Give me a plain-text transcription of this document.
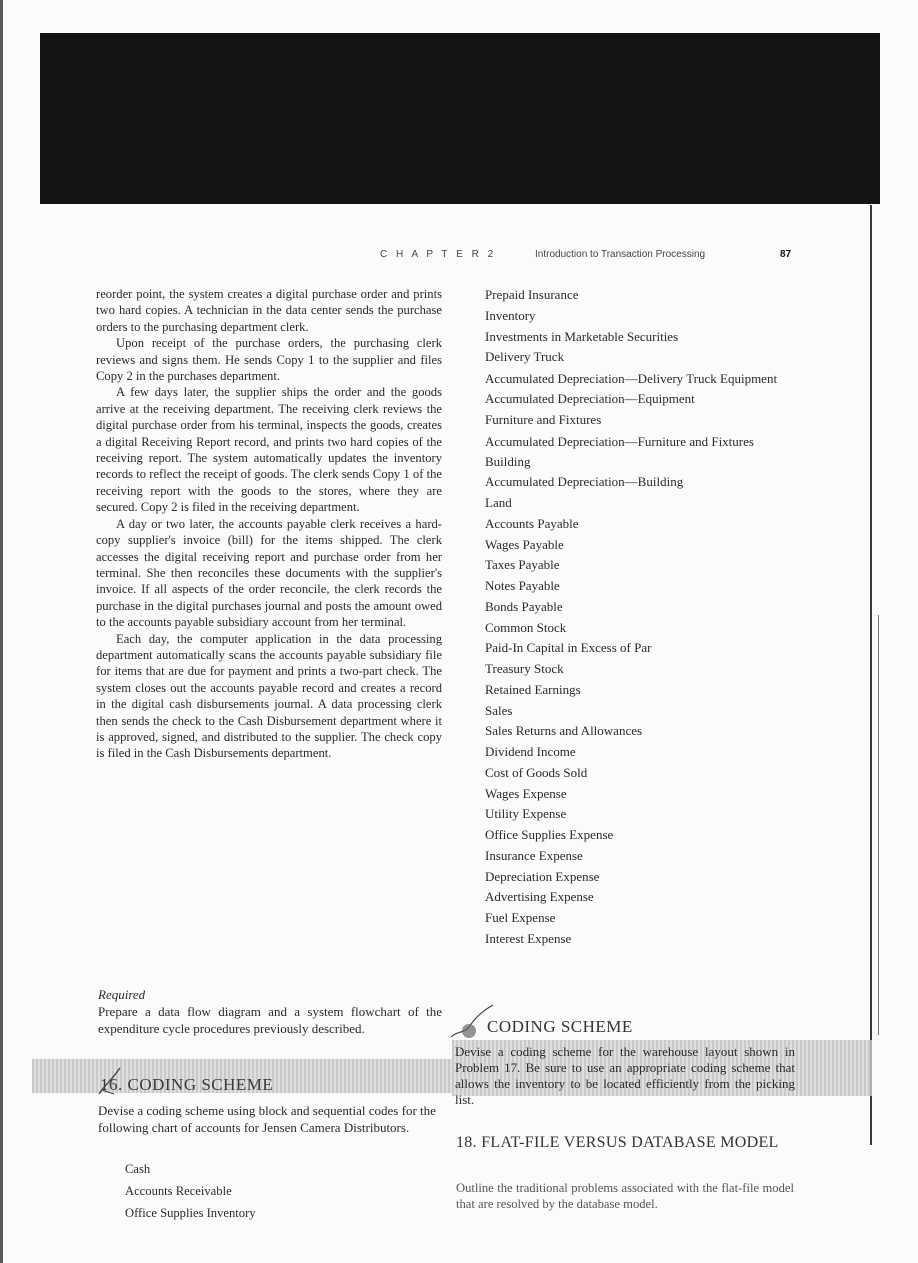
C H A P T E R 2	Introduction to Transaction Processing	87

reorder point, the system creates a digital purchase order and prints two hard copies. A technician in the data center sends the purchase orders to the purchasing department clerk.

Upon receipt of the purchase orders, the purchasing clerk reviews and signs them. He sends Copy 1 to the supplier and files Copy 2 in the purchases department.

A few days later, the supplier ships the order and the goods arrive at the receiving department. The receiving clerk reviews the digital purchase order from his terminal, inspects the goods, creates a digital Receiving Report record, and prints two hard copies of the receiving report. The system automatically updates the inventory records to reflect the receipt of goods. The clerk sends Copy 1 of the receiving report with the goods to the stores, where they are secured. Copy 2 is filed in the receiving department.

A day or two later, the accounts payable clerk receives a hard-copy supplier's invoice (bill) for the items shipped. The clerk accesses the digital receiving report and purchase order from her terminal. She then reconciles these documents with the supplier's invoice. If all aspects of the order reconcile, the clerk records the purchase in the digital purchases journal and posts the amount owed to the accounts payable subsidiary account from her terminal.

Each day, the computer application in the data processing department automatically scans the accounts payable subsidiary file for items that are due for payment and prints a two-part check. The system closes out the accounts payable record and creates a record in the digital cash disbursements journal. A data processing clerk then sends the check to the Cash Disbursement department where it is approved, signed, and distributed to the supplier. The check copy is filed in the Cash Disbursements department.

Required
Prepare a data flow diagram and a system flowchart of the expenditure cycle procedures previously described.
16. CODING SCHEME
Devise a coding scheme using block and sequential codes for the following chart of accounts for Jensen Camera Distributors.
Cash
Accounts Receivable
Office Supplies Inventory
Prepaid Insurance
Inventory
Investments in Marketable Securities
Delivery Truck
Accumulated Depreciation—Delivery Truck Equipment
Accumulated Depreciation—Equipment
Furniture and Fixtures
Accumulated Depreciation—Furniture and Fixtures
Building
Accumulated Depreciation—Building
Land
Accounts Payable
Wages Payable
Taxes Payable
Notes Payable
Bonds Payable
Common Stock
Paid-In Capital in Excess of Par
Treasury Stock
Retained Earnings
Sales
Sales Returns and Allowances
Dividend Income
Cost of Goods Sold
Wages Expense
Utility Expense
Office Supplies Expense
Insurance Expense
Depreciation Expense
Advertising Expense
Fuel Expense
Interest Expense
CODING SCHEME
Devise a coding scheme for the warehouse layout shown in Problem 17. Be sure to use an appropriate coding scheme that allows the inventory to be located efficiently from the picking list.
18. FLAT-FILE VERSUS DATABASE MODEL
Outline the traditional problems associated with the flat-file model that are resolved by the database model.
